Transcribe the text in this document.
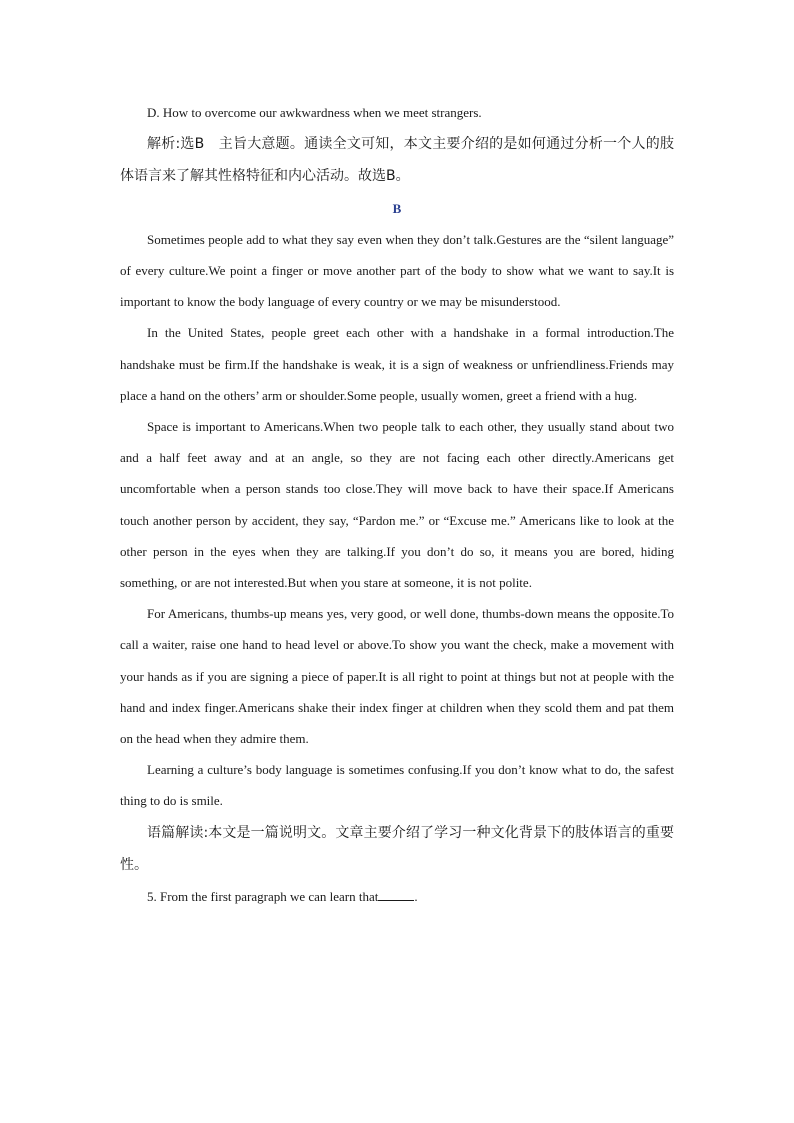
D. How to overcome our awkwardness when we meet strangers.

解析:选B　主旨大意题。通读全文可知，本文主要介绍的是如何通过分析一个人的肢体语言来了解其性格特征和内心活动。故选B。

B

Sometimes people add to what they say even when they don’t talk.Gestures are the “silent language” of every culture.We point a finger or move another part of the body to show what we want to say.It is important to know the body language of every country or we may be misunderstood.

In the United States, people greet each other with a handshake in a formal introduction.The handshake must be firm.If the handshake is weak, it is a sign of weakness or unfriendliness.Friends may place a hand on the others’ arm or shoulder.Some people, usually women, greet a friend with a hug.

Space is important to Americans.When two people talk to each other, they usually stand about two and a half feet away and at an angle, so they are not facing each other directly.Americans get uncomfortable when a person stands too close.They will move back to have their space.If Americans touch another person by accident, they say, “Pardon me.” or “Excuse me.” Americans like to look at the other person in the eyes when they are talking.If you don’t do so, it means you are bored, hiding something, or are not interested.But when you stare at someone, it is not polite.

For Americans, thumbs-up means yes, very good, or well done, thumbs-down means the opposite.To call a waiter, raise one hand to head level or above.To show you want the check, make a movement with your hands as if you are signing a piece of paper.It is all right to point at things but not at people with the hand and index finger.Americans shake their index finger at children when they scold them and pat them on the head when they admire them.

Learning a culture’s body language is sometimes confusing.If you don’t know what to do, the safest thing to do is smile.

语篇解读:本文是一篇说明文。文章主要介绍了学习一种文化背景下的肢体语言的重要性。

5. From the first paragraph we can learn that	.
